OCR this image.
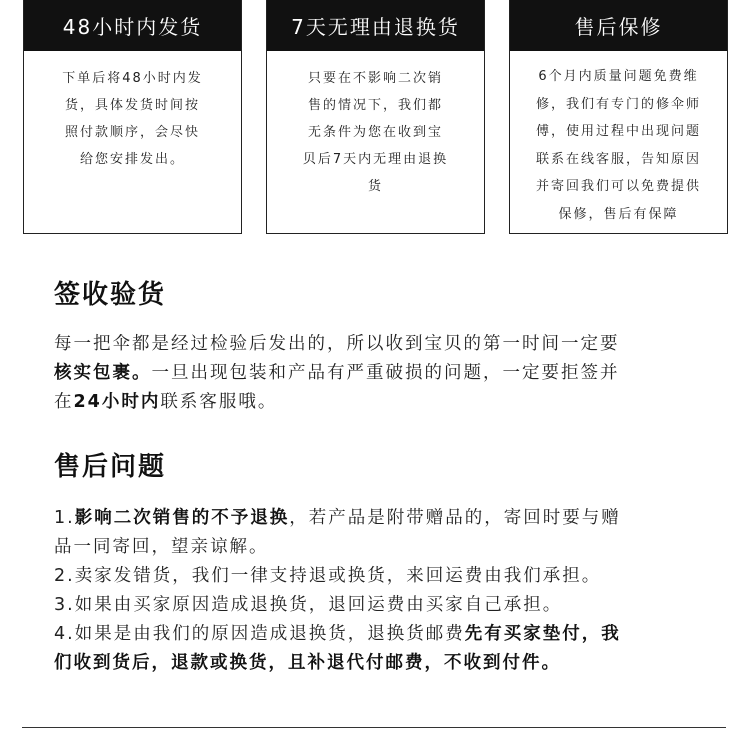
48小时内发货
下单后将48小时内发
货，具体发货时间按
照付款顺序，会尽快
给您安排发出。
7天无理由退换货
只要在不影响二次销
售的情况下，我们都
无条件为您在收到宝
贝后7天内无理由退换
货
售后保修
6个月内质量问题免费维
修，我们有专门的修伞师
傅，使用过程中出现问题
联系在线客服，告知原因
并寄回我们可以免费提供
保修，售后有保障
签收验货
每一把伞都是经过检验后发出的，所以收到宝贝的第一时间一定要
核实包裹。一旦出现包装和产品有严重破损的问题，一定要拒签并
在24小时内联系客服哦。
售后问题
1.影响二次销售的不予退换，若产品是附带赠品的，寄回时要与赠
品一同寄回，望亲谅解。
2.卖家发错货，我们一律支持退或换货，来回运费由我们承担。
3.如果由买家原因造成退换货，退回运费由买家自己承担。
4.如果是由我们的原因造成退换货，退换货邮费先有买家垫付，我
们收到货后，退款或换货，且补退代付邮费，不收到付件。
